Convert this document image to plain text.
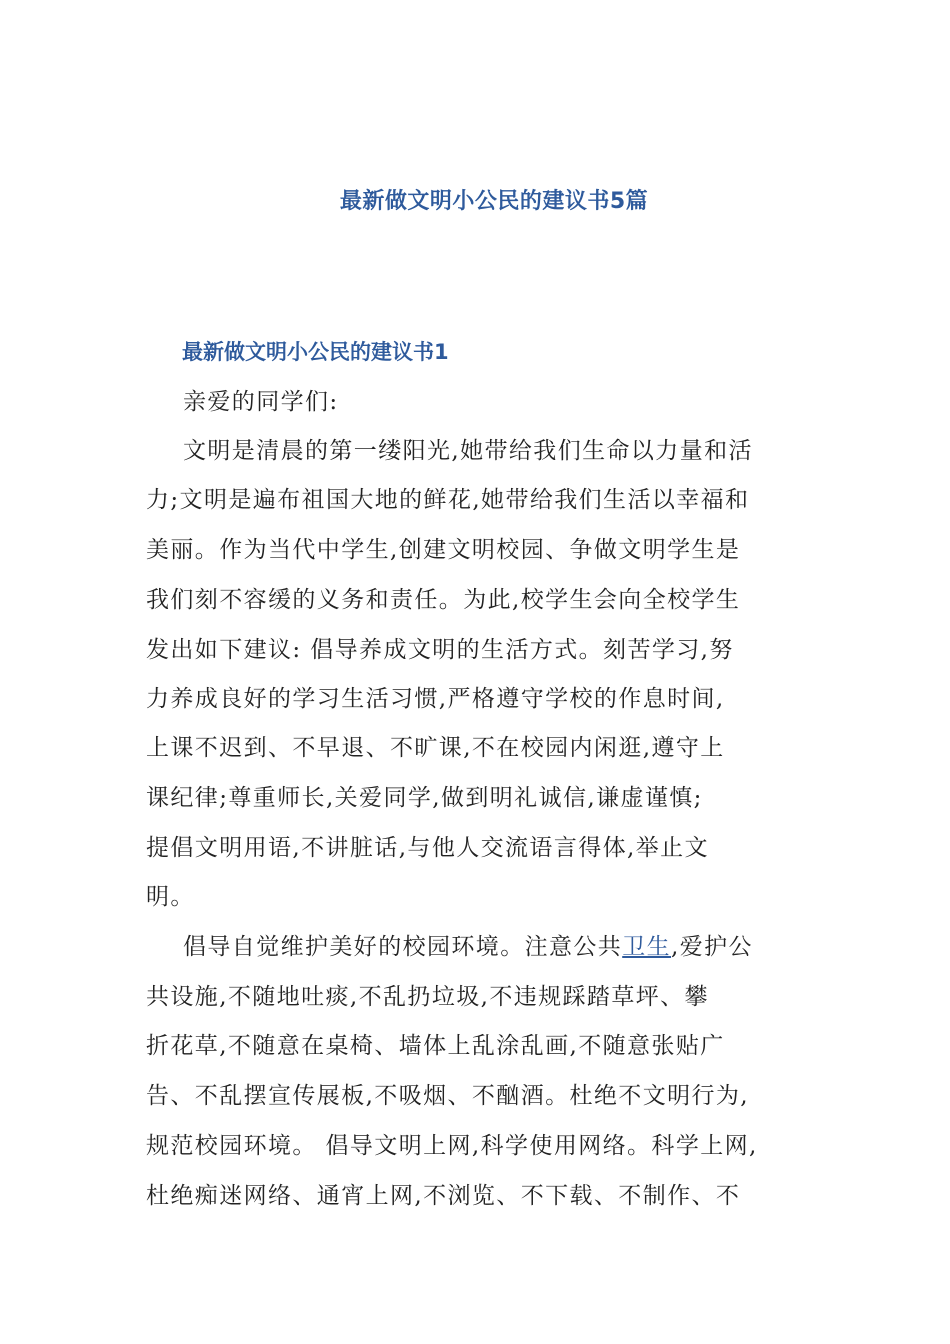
最新做文明小公民的建议书5篇
最新做文明小公民的建议书1
亲爱的同学们:
文明是清晨的第一缕阳光,她带给我们生命以力量和活
力;文明是遍布祖国大地的鲜花,她带给我们生活以幸福和
美丽。作为当代中学生,创建文明校园、争做文明学生是
我们刻不容缓的义务和责任。为此,校学生会向全校学生
发出如下建议: 倡导养成文明的生活方式。刻苦学习,努
力养成良好的学习生活习惯,严格遵守学校的作息时间,
上课不迟到、不早退、不旷课,不在校园内闲逛,遵守上
课纪律;尊重师长,关爱同学,做到明礼诚信,谦虚谨慎;
提倡文明用语,不讲脏话,与他人交流语言得体,举止文
明。
倡导自觉维护美好的校园环境。注意公共卫生,爱护公
共设施,不随地吐痰,不乱扔垃圾,不违规踩踏草坪、攀
折花草,不随意在桌椅、墙体上乱涂乱画,不随意张贴广
告、不乱摆宣传展板,不吸烟、不酗酒。杜绝不文明行为,
规范校园环境。 倡导文明上网,科学使用网络。科学上网,
杜绝痴迷网络、通宵上网,不浏览、不下载、不制作、不
